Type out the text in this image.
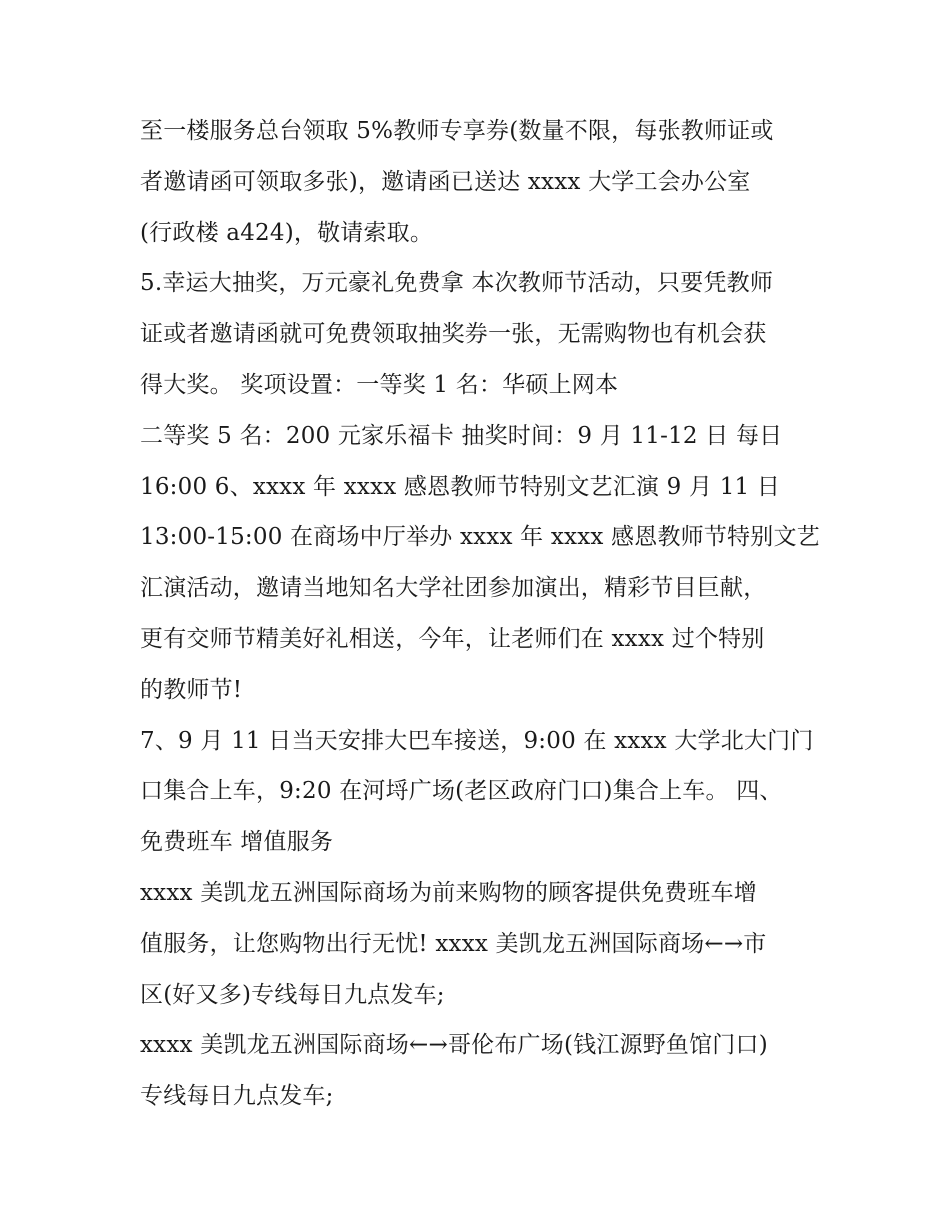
至一楼服务总台领取 5%教师专享券(数量不限，每张教师证或
者邀请函可领取多张)，邀请函已送达 xxxx 大学工会办公室
(行政楼 a424)，敬请索取。
5.幸运大抽奖，万元豪礼免费拿 本次教师节活动，只要凭教师
证或者邀请函就可免费领取抽奖券一张，无需购物也有机会获
得大奖。 奖项设置：一等奖 1 名：华硕上网本
二等奖 5 名：200 元家乐福卡 抽奖时间：9 月 11-12 日 每日
16:00 6、xxxx 年 xxxx 感恩教师节特别文艺汇演 9 月 11 日
13:00-15:00 在商场中厅举办 xxxx 年 xxxx 感恩教师节特别文艺
汇演活动，邀请当地知名大学社团参加演出，精彩节目巨献，
更有交师节精美好礼相送，今年，让老师们在 xxxx 过个特别
的教师节!
7、9 月 11 日当天安排大巴车接送，9:00 在 xxxx 大学北大门门
口集合上车，9:20 在河埒广场(老区政府门口)集合上车。 四、
免费班车 增值服务
xxxx 美凯龙五洲国际商场为前来购物的顾客提供免费班车增
值服务，让您购物出行无忧! xxxx 美凯龙五洲国际商场←→市
区(好又多)专线每日九点发车;
xxxx 美凯龙五洲国际商场←→哥伦布广场(钱江源野鱼馆门口)
专线每日九点发车;
